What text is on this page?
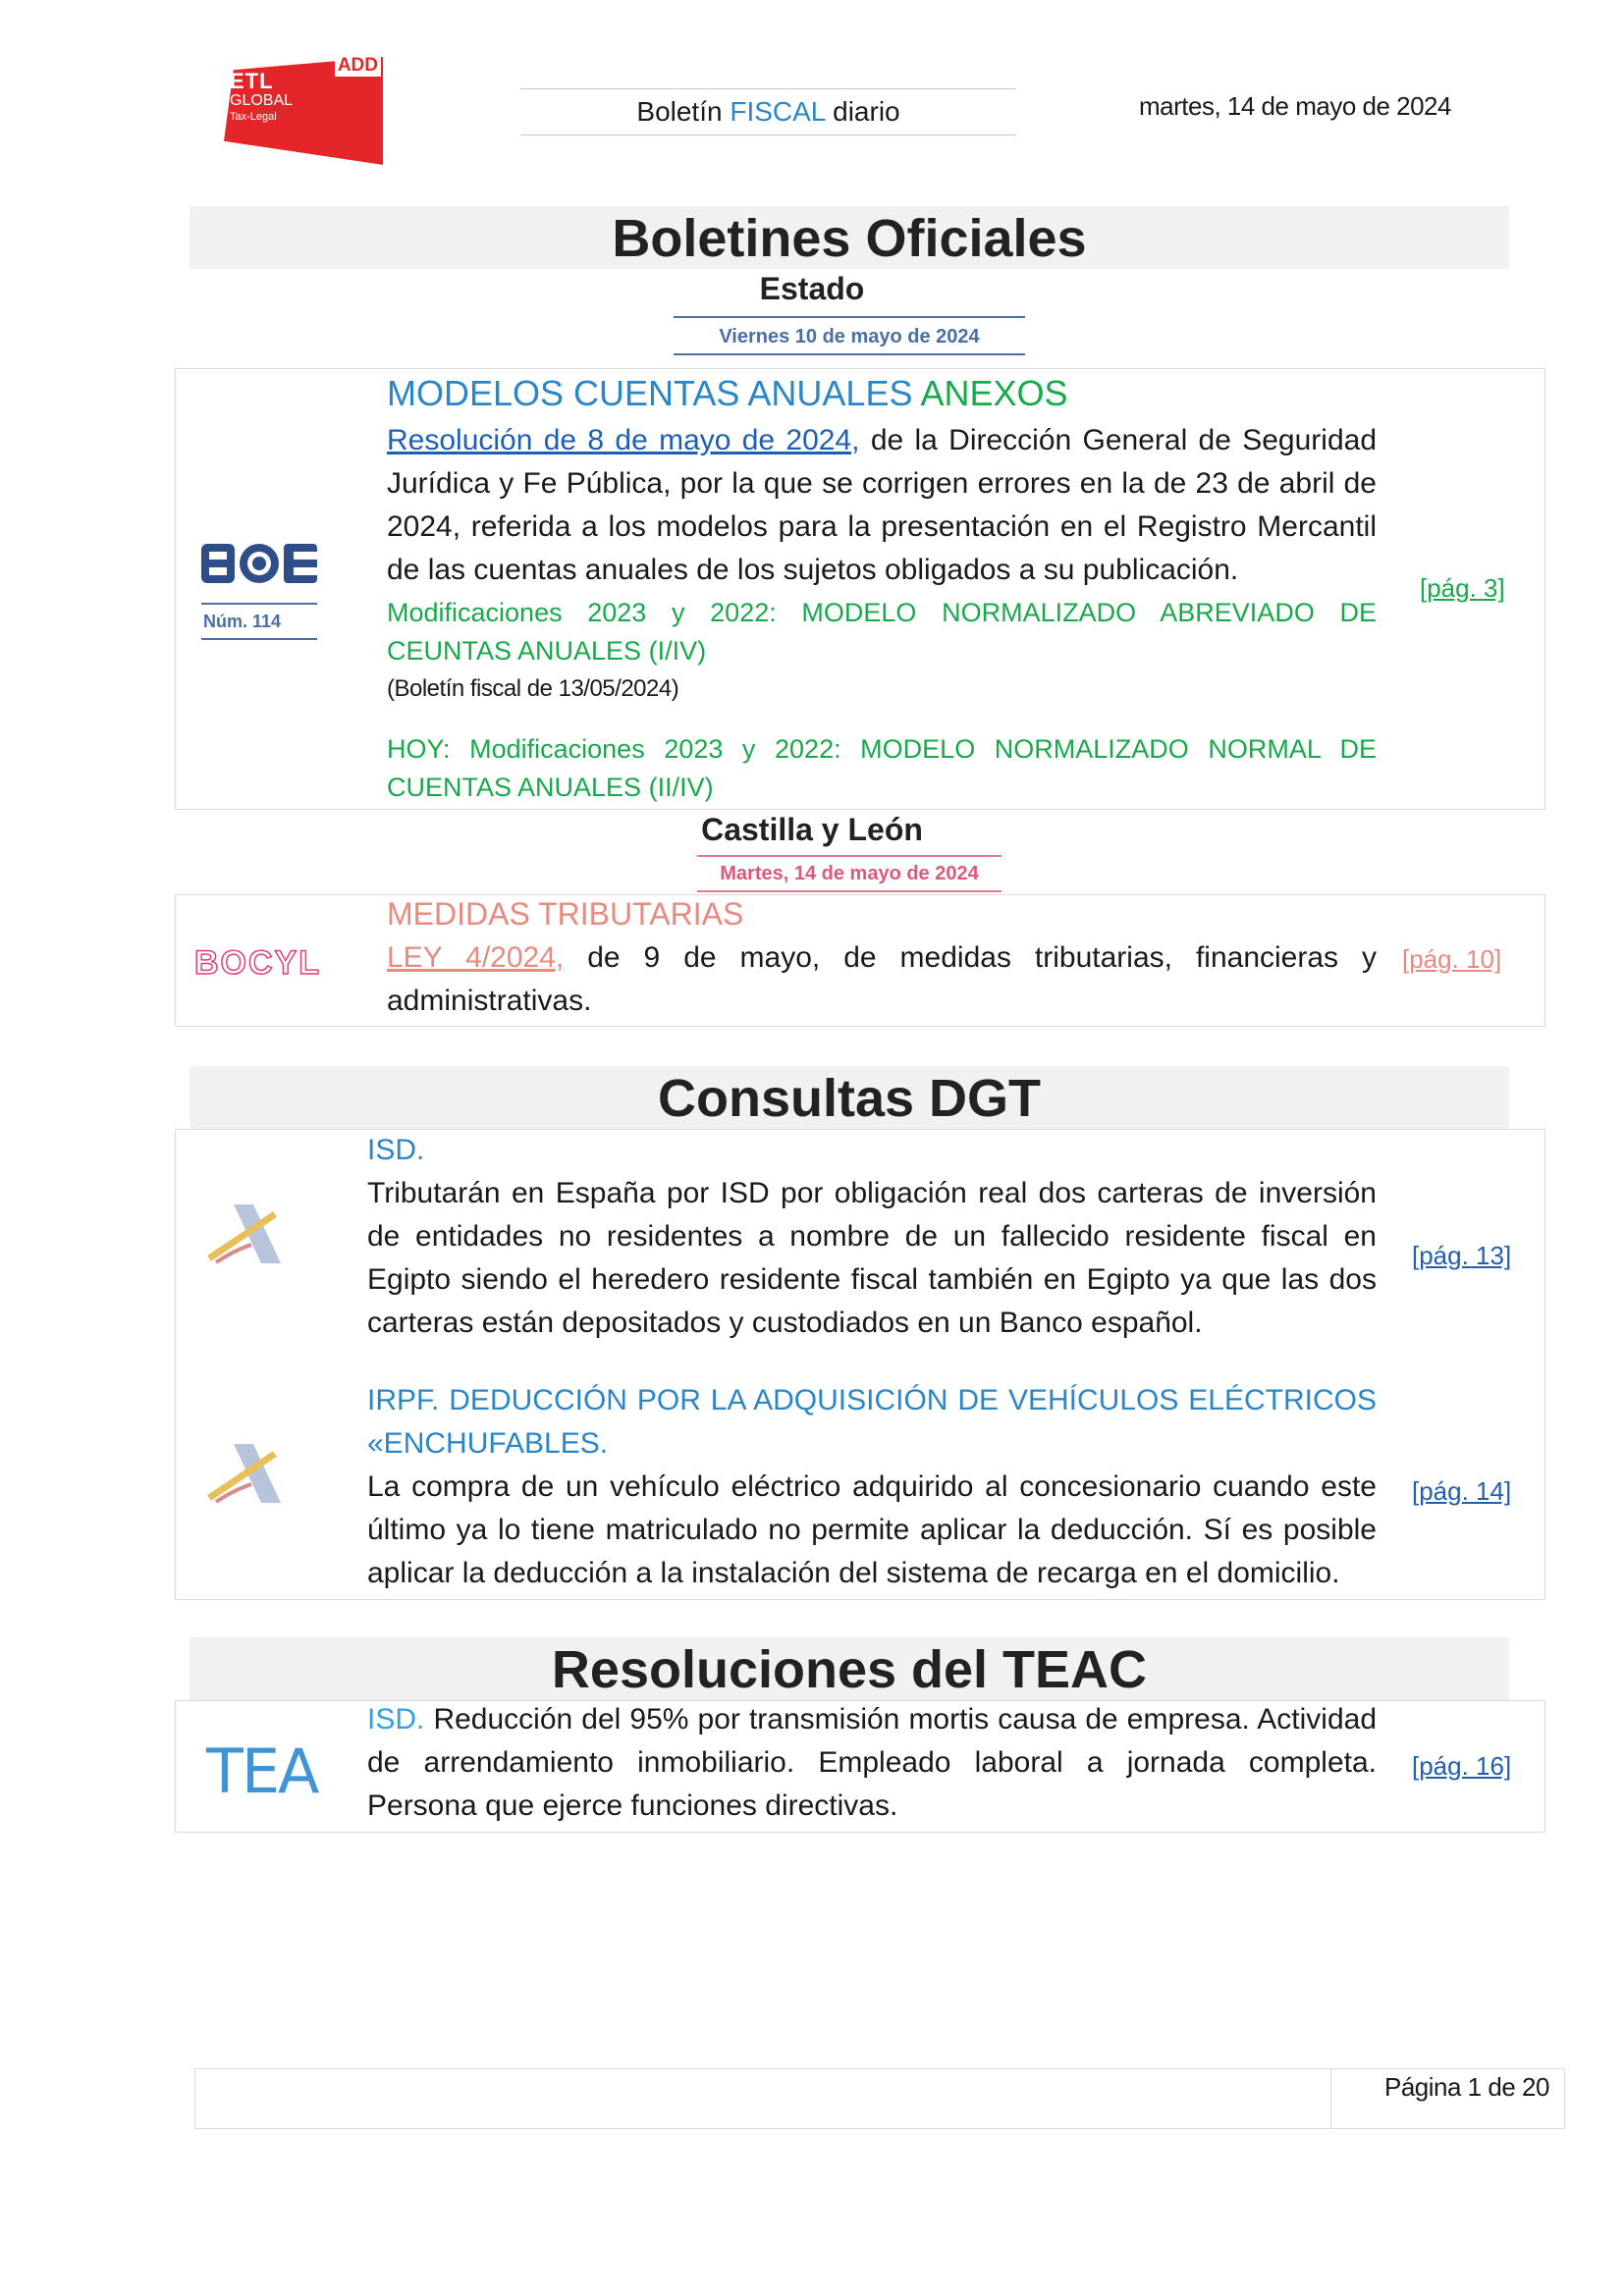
ADD
ETL
GLOBAL
Tax-Legal	Boletín FISCAL diario	martes, 14 de mayo de 2024
Boletines Oficiales
Estado
Viernes 10 de mayo de 2024
Núm. 114
MODELOS CUENTAS ANUALES ANEXOS
Resolución de 8 de mayo de 2024, de la Dirección General de Seguridad Jurídica y Fe Pública, por la que se corrigen errores en la de 23 de abril de 2024, referida a los modelos para la presentación en el Registro Mercantil de las cuentas anuales de los sujetos obligados a su publicación.
Modificaciones 2023 y 2022: MODELO NORMALIZADO ABREVIADO DE CEUNTAS ANUALES (I/IV)
(Boletín fiscal de 13/05/2024)
HOY: Modificaciones 2023 y 2022: MODELO NORMALIZADO NORMAL DE CUENTAS ANUALES (II/IV)
[pág. 3]
Castilla y León
Martes, 14 de mayo de 2024
BOCYL
MEDIDAS TRIBUTARIAS
LEY 4/2024, de 9 de mayo, de medidas tributarias, financieras y administrativas.
[pág. 10]
Consultas DGT
ISD.
Tributarán en España por ISD por obligación real dos carteras de inversión de entidades no residentes a nombre de un fallecido residente fiscal en Egipto siendo el heredero residente fiscal también en Egipto ya que las dos carteras están depositados y custodiados en un Banco español.
[pág. 13]
IRPF. DEDUCCIÓN POR LA ADQUISICIÓN DE VEHÍCULOS ELÉCTRICOS «ENCHUFABLES.
La compra de un vehículo eléctrico adquirido al concesionario cuando este último ya lo tiene matriculado no permite aplicar la deducción. Sí es posible aplicar la deducción a la instalación del sistema de recarga en el domicilio.
[pág. 14]
Resoluciones del TEAC
TEA
ISD. Reducción del 95% por transmisión mortis causa de empresa. Actividad de arrendamiento inmobiliario. Empleado laboral a jornada completa. Persona que ejerce funciones directivas.
[pág. 16]
Página 1 de 20
